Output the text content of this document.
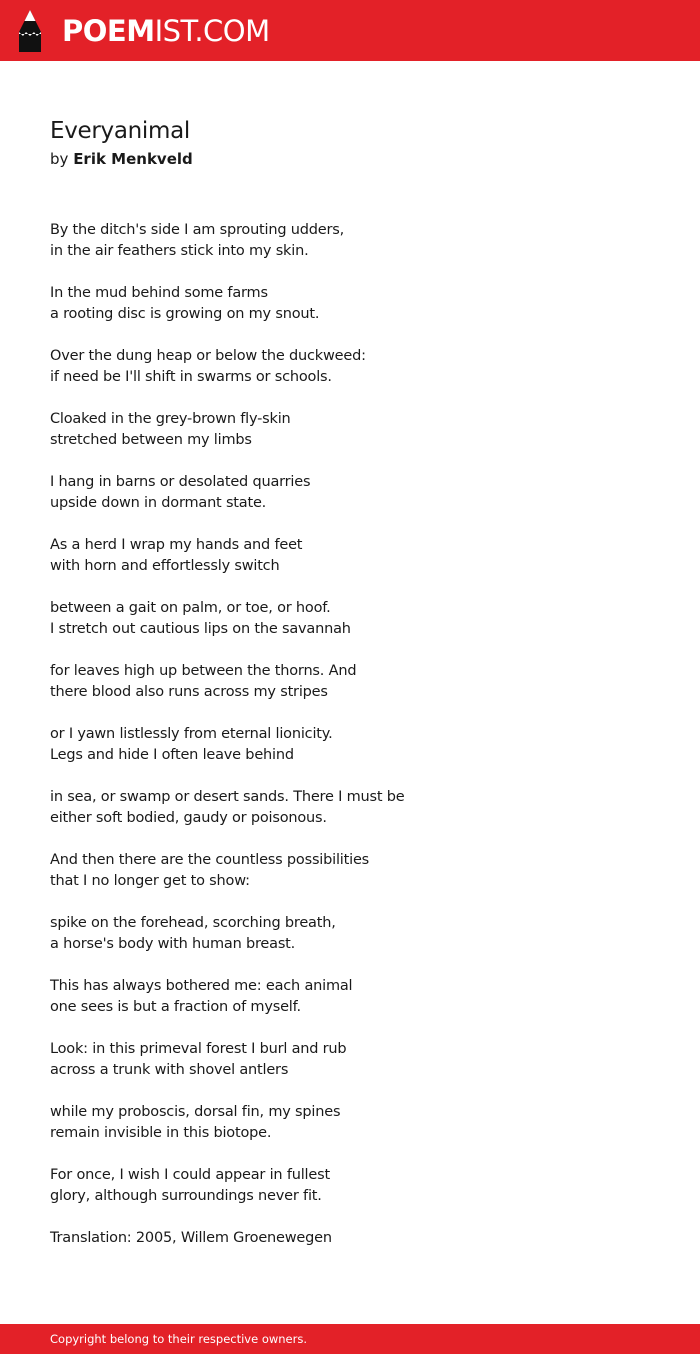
POEMIST.COM
Everyanimal
by Erik Menkveld

By the ditch's side I am sprouting udders,
in the air feathers stick into my skin.

In the mud behind some farms
a rooting disc is growing on my snout.

Over the dung heap or below the duckweed:
if need be I'll shift in swarms or schools.

Cloaked in the grey-brown fly-skin
stretched between my limbs

I hang in barns or desolated quarries
upside down in dormant state.

As a herd I wrap my hands and feet
with horn and effortlessly switch

between a gait on palm, or toe, or hoof.
I stretch out cautious lips on the savannah

for leaves high up between the thorns. And
there blood also runs across my stripes

or I yawn listlessly from eternal lionicity.
Legs and hide I often leave behind

in sea, or swamp or desert sands. There I must be
either soft bodied, gaudy or poisonous.

And then there are the countless possibilities
that I no longer get to show:

spike on the forehead, scorching breath,
a horse's body with human breast.

This has always bothered me: each animal
one sees is but a fraction of myself.

Look: in this primeval forest I burl and rub
across a trunk with shovel antlers

while my proboscis, dorsal fin, my spines
remain invisible in this biotope.

For once, I wish I could appear in fullest
glory, although surroundings never fit.

Translation: 2005, Willem Groenewegen

Copyright belong to their respective owners.
